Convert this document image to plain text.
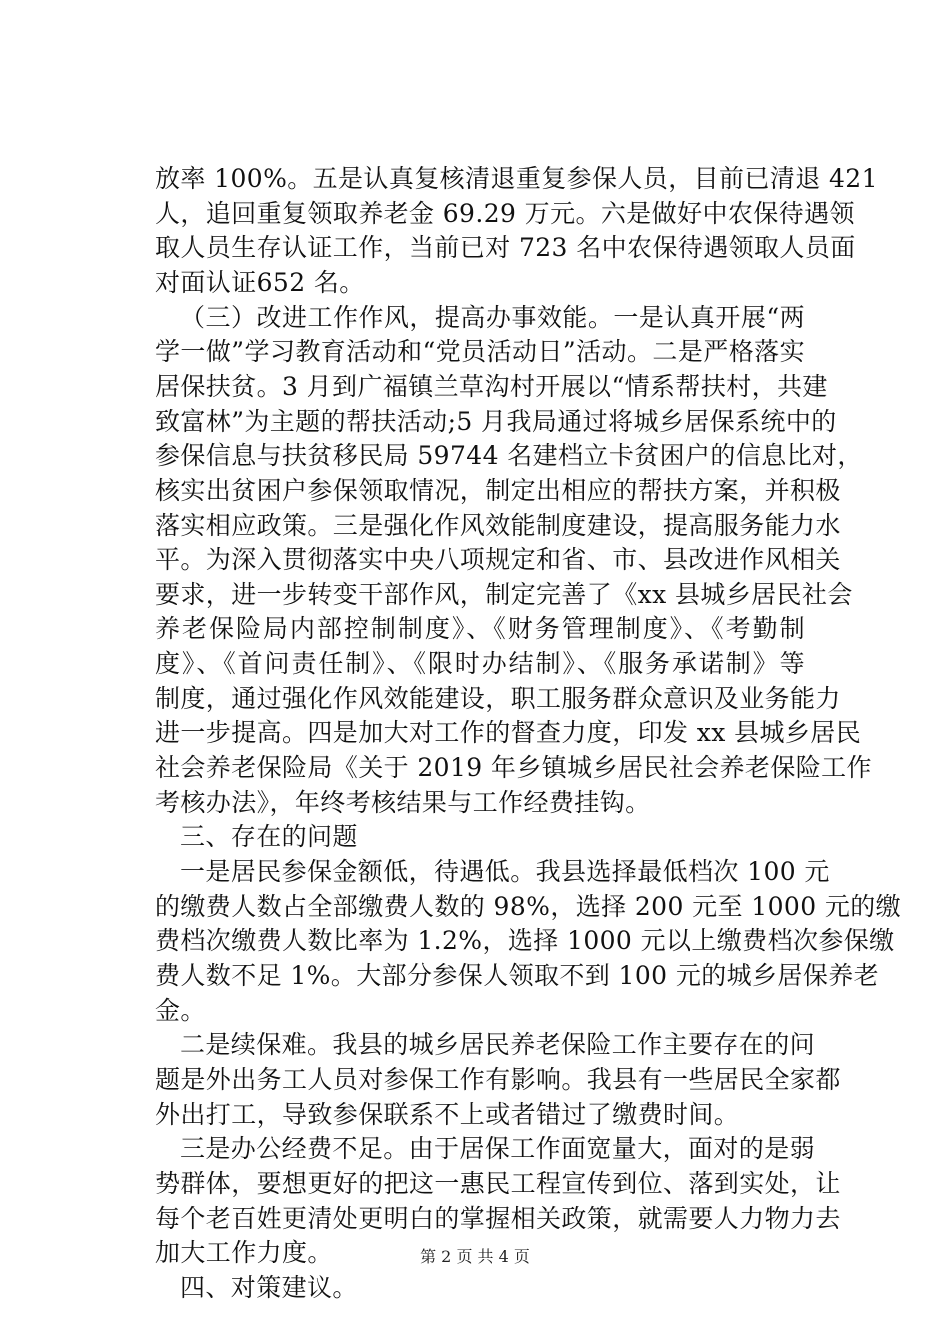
放率 100%。五是认真复核清退重复参保人员，目前已清退 421
人，追回重复领取养老金 69.29 万元。六是做好中农保待遇领
取人员生存认证工作，当前已对 723 名中农保待遇领取人员面
对面认证652 名。
（三）改进工作作风，提高办事效能。一是认真开展“两
学一做”学习教育活动和“党员活动日”活动。二是严格落实
居保扶贫。3 月到广福镇兰草沟村开展以“情系帮扶村，共建
致富林”为主题的帮扶活动;5 月我局通过将城乡居保系统中的
参保信息与扶贫移民局 59744 名建档立卡贫困户的信息比对，
核实出贫困户参保领取情况，制定出相应的帮扶方案，并积极
落实相应政策。三是强化作风效能制度建设，提高服务能力水
平。为深入贯彻落实中央八项规定和省、市、县改进作风相关
要求，进一步转变干部作风，制定完善了《xx 县城乡居民社会
养老保险局内部控制制度》、《财务管理制度》、《考勤制
度》、《首问责任制》、《限时办结制》、《服务承诺制》等
制度，通过强化作风效能建设，职工服务群众意识及业务能力
进一步提高。四是加大对工作的督查力度，印发 xx 县城乡居民
社会养老保险局《关于 2019 年乡镇城乡居民社会养老保险工作
考核办法》，年终考核结果与工作经费挂钩。
三、存在的问题
一是居民参保金额低，待遇低。我县选择最低档次 100 元
的缴费人数占全部缴费人数的 98%，选择 200 元至 1000 元的缴
费档次缴费人数比率为 1.2%，选择 1000 元以上缴费档次参保缴
费人数不足 1%。大部分参保人领取不到 100 元的城乡居保养老
金。
二是续保难。我县的城乡居民养老保险工作主要存在的问
题是外出务工人员对参保工作有影响。我县有一些居民全家都
外出打工，导致参保联系不上或者错过了缴费时间。
三是办公经费不足。由于居保工作面宽量大，面对的是弱
势群体，要想更好的把这一惠民工程宣传到位、落到实处，让
每个老百姓更清处更明白的掌握相关政策，就需要人力物力去
加大工作力度。
四、对策建议。
第 2 页 共 4 页
